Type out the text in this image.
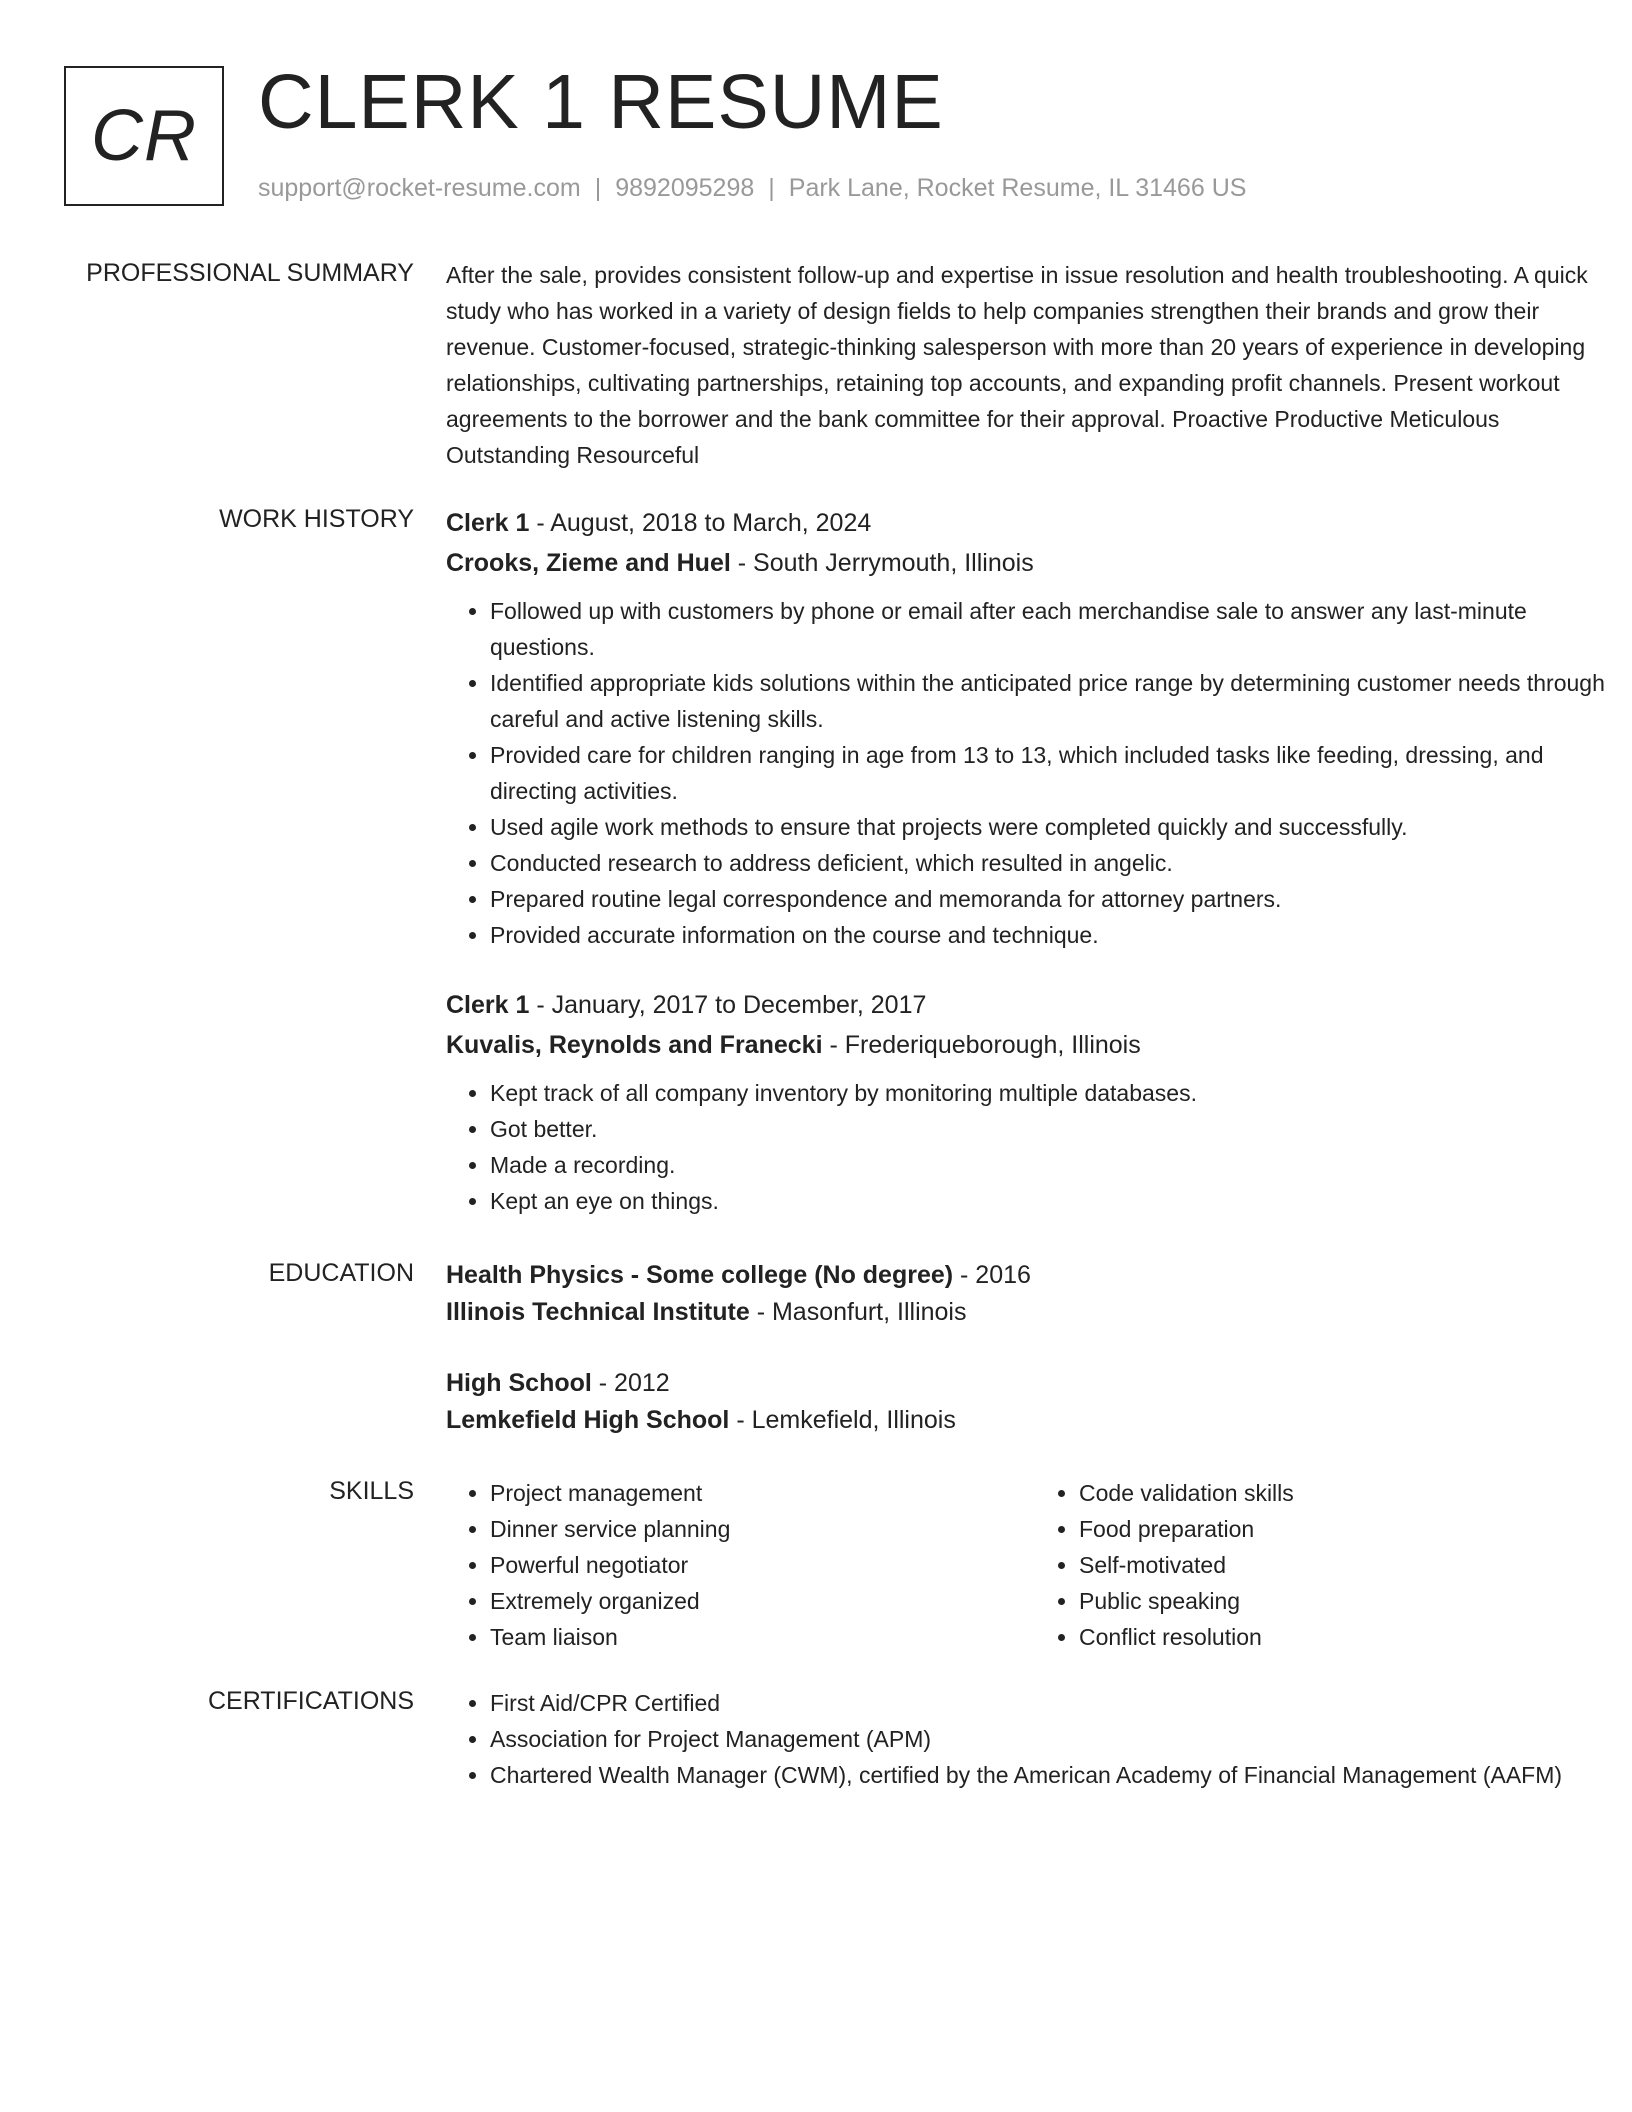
CR CLERK 1 RESUME
support@rocket-resume.com | 9892095298 | Park Lane, Rocket Resume, IL 31466 US
PROFESSIONAL SUMMARY After the sale, provides consistent follow-up and expertise in issue resolution and health troubleshooting. A quick study who has worked in a variety of design fields to help companies strengthen their brands and grow their revenue. Customer-focused, strategic-thinking salesperson with more than 20 years of experience in developing relationships, cultivating partnerships, retaining top accounts, and expanding profit channels. Present workout agreements to the borrower and the bank committee for their approval. Proactive Productive Meticulous Outstanding Resourceful

WORK HISTORY Clerk 1 - August, 2018 to March, 2024
Crooks, Zieme and Huel - South Jerrymouth, Illinois
• Followed up with customers by phone or email after each merchandise sale to answer any last-minute questions.
• Identified appropriate kids solutions within the anticipated price range by determining customer needs through careful and active listening skills.
• Provided care for children ranging in age from 13 to 13, which included tasks like feeding, dressing, and directing activities.
• Used agile work methods to ensure that projects were completed quickly and successfully.
• Conducted research to address deficient, which resulted in angelic.
• Prepared routine legal correspondence and memoranda for attorney partners.
• Provided accurate information on the course and technique.
Clerk 1 - January, 2017 to December, 2017
Kuvalis, Reynolds and Franecki - Frederiqueborough, Illinois
• Kept track of all company inventory by monitoring multiple databases.
• Got better.
• Made a recording.
• Kept an eye on things.
EDUCATION Health Physics - Some college (No degree) - 2016
Illinois Technical Institute - Masonfurt, Illinois
High School - 2012
Lemkefield High School - Lemkefield, Illinois
SKILLS	• Project management
• Dinner service planning
• Powerful negotiator
• Extremely organized
• Team liaison
• Code validation skills
• Food preparation
• Self-motivated
• Public speaking
• Conflict resolution
CERTIFICATIONS	• First Aid/CPR Certified
• Association for Project Management (APM)
• Chartered Wealth Manager (CWM), certified by the American Academy of Financial Management (AAFM)
